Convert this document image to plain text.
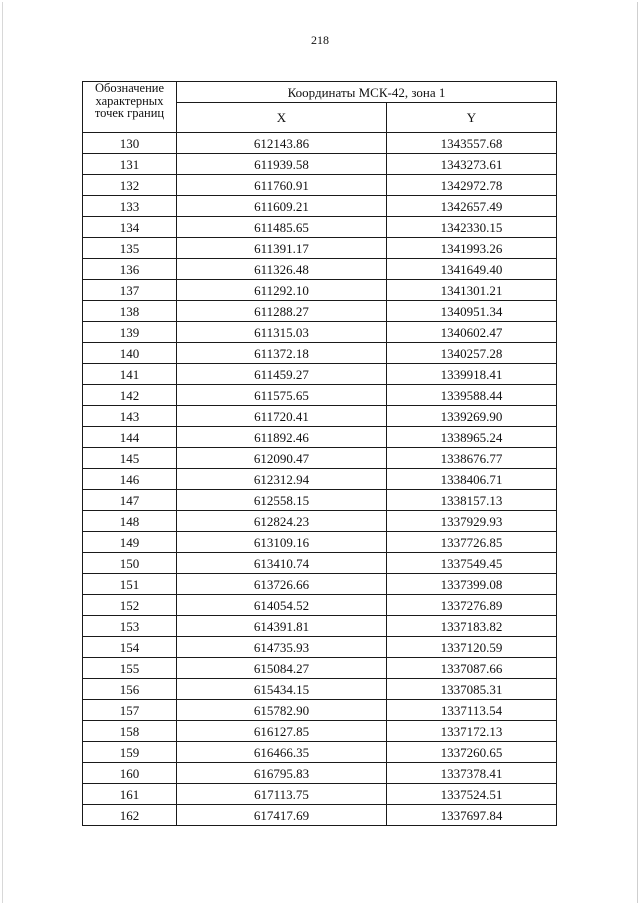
218
Обозначение характерных точек границ	Координаты МСК-42, зона 1	
	X	Y
130	612143.86	1343557.68
131	611939.58	1343273.61
132	611760.91	1342972.78
133	611609.21	1342657.49
134	611485.65	1342330.15
135	611391.17	1341993.26
136	611326.48	1341649.40
137	611292.10	1341301.21
138	611288.27	1340951.34
139	611315.03	1340602.47
140	611372.18	1340257.28
141	611459.27	1339918.41
142	611575.65	1339588.44
143	611720.41	1339269.90
144	611892.46	1338965.24
145	612090.47	1338676.77
146	612312.94	1338406.71
147	612558.15	1338157.13
148	612824.23	1337929.93
149	613109.16	1337726.85
150	613410.74	1337549.45
151	613726.66	1337399.08
152	614054.52	1337276.89
153	614391.81	1337183.82
154	614735.93	1337120.59
155	615084.27	1337087.66
156	615434.15	1337085.31
157	615782.90	1337113.54
158	616127.85	1337172.13
159	616466.35	1337260.65
160	616795.83	1337378.41
161	617113.75	1337524.51
162	617417.69	1337697.84
